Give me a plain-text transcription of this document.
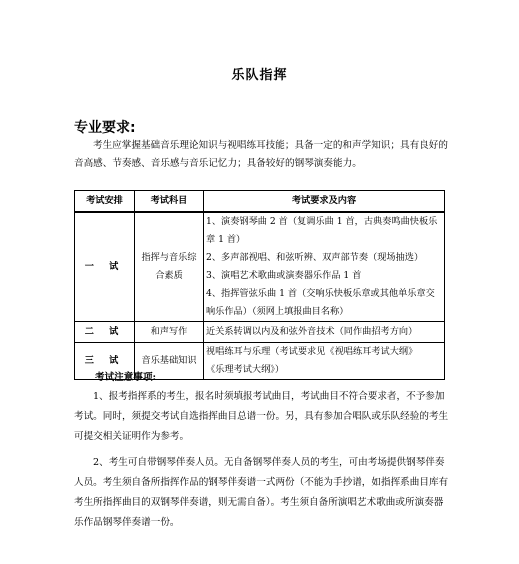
乐队指挥
专业要求:
考生应掌握基础音乐理论知识与视唱练耳技能；具备一定的和声学知识；具有良好的音高感、节奏感、音乐感与音乐记忆力；具备较好的钢琴演奏能力。
考试安排	考试科目	考试要求及内容
一 试	指挥与音乐综合素质	1、演奏钢琴曲 2 首（复调乐曲 1 首，古典奏鸣曲快板乐章 1 首）
2、多声部视唱、和弦听辨、双声部节奏（现场抽选）
3、演唱艺术歌曲或演奏器乐作品 1 首
4、指挥管弦乐曲 1 首（交响乐快板乐章或其他单乐章交响乐作品）（须网上填报曲目名称）

二 试	和声写作	近关系转调以内及和弦外音技术（同作曲招考方向）

三 试	音乐基础知识	视唱练耳与乐理（考试要求见《视唱练耳考试大纲》
《乐理考试大纲》）
考试注意事项:

1、报考指挥系的考生，报名时须填报考试曲目，考试曲目不符合要求者，不予参加考试。同时，须提交考试自选指挥曲目总谱一份。另，具有参加合唱队或乐队经验的考生可提交相关证明作为参考。

2、考生可自带钢琴伴奏人员。无自备钢琴伴奏人员的考生，可由考场提供钢琴伴奏人员。考生须自备所指挥作品的钢琴伴奏谱一式两份（不能为手抄谱，如指挥系曲目库有考生所指挥曲目的双钢琴伴奏谱，则无需自备）。考生须自备所演唱艺术歌曲或所演奏器乐作品钢琴伴奏谱一份。
